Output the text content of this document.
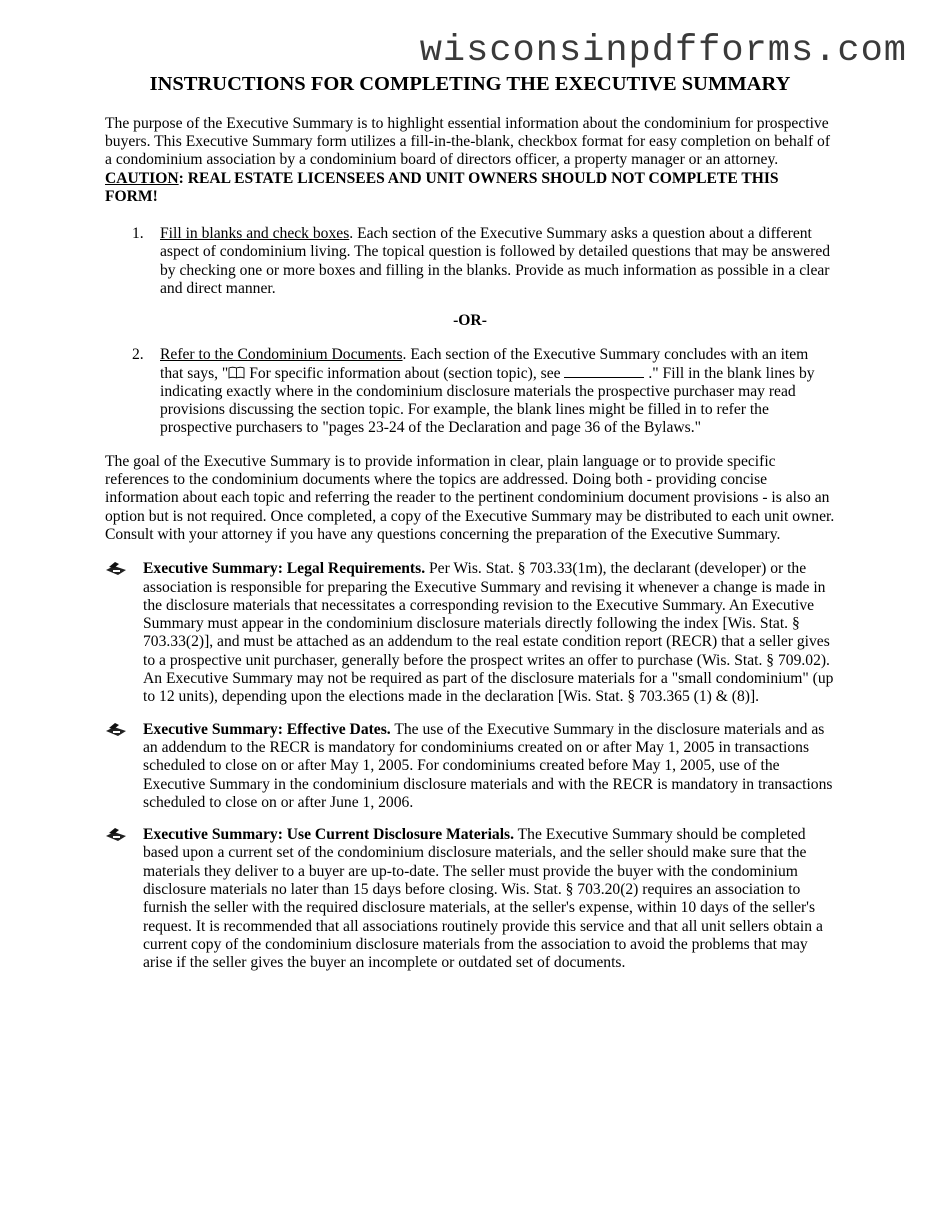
wisconsinpdfforms.com
INSTRUCTIONS FOR COMPLETING THE EXECUTIVE SUMMARY

The purpose of the Executive Summary is to highlight essential information about the condominium for prospective buyers. This Executive Summary form utilizes a fill-in-the-blank, checkbox format for easy completion on behalf of a condominium association by a condominium board of directors officer, a property manager or an attorney. CAUTION: REAL ESTATE LICENSEES AND UNIT OWNERS SHOULD NOT COMPLETE THIS FORM!

1. Fill in blanks and check boxes. Each section of the Executive Summary asks a question about a different aspect of condominium living. The topical question is followed by detailed questions that may be answered by checking one or more boxes and filling in the blanks. Provide as much information as possible in a clear and direct manner.
-OR-
2. Refer to the Condominium Documents. Each section of the Executive Summary concludes with an item that says, " For specific information about (section topic), see	." Fill in the blank lines by indicating exactly where in the condominium disclosure materials the prospective purchaser may read provisions discussing the section topic. For example, the blank lines might be filled in to refer the prospective purchasers to "pages 23-24 of the Declaration and page 36 of the Bylaws."

The goal of the Executive Summary is to provide information in clear, plain language or to provide specific references to the condominium documents where the topics are addressed. Doing both - providing concise information about each topic and referring the reader to the pertinent condominium document provisions - is also an option but is not required. Once completed, a copy of the Executive Summary may be distributed to each unit owner. Consult with your attorney if you have any questions concerning the preparation of the Executive Summary.

Executive Summary: Legal Requirements. Per Wis. Stat. § 703.33(1m), the declarant (developer) or the association is responsible for preparing the Executive Summary and revising it whenever a change is made in the disclosure materials that necessitates a corresponding revision to the Executive Summary. An Executive Summary must appear in the condominium disclosure materials directly following the index [Wis. Stat. § 703.33(2)], and must be attached as an addendum to the real estate condition report (RECR) that a seller gives to a prospective unit purchaser, generally before the prospect writes an offer to purchase (Wis. Stat. § 709.02). An Executive Summary may not be required as part of the disclosure materials for a "small condominium" (up to 12 units), depending upon the elections made in the declaration [Wis. Stat. § 703.365 (1) & (8)].
Executive Summary: Effective Dates. The use of the Executive Summary in the disclosure materials and as an addendum to the RECR is mandatory for condominiums created on or after May 1, 2005 in transactions scheduled to close on or after May 1, 2005. For condominiums created before May 1, 2005, use of the Executive Summary in the condominium disclosure materials and with the RECR is mandatory in transactions scheduled to close on or after June 1, 2006.
Executive Summary: Use Current Disclosure Materials. The Executive Summary should be completed based upon a current set of the condominium disclosure materials, and the seller should make sure that the materials they deliver to a buyer are up-to-date. The seller must provide the buyer with the condominium disclosure materials no later than 15 days before closing. Wis. Stat. § 703.20(2) requires an association to furnish the seller with the required disclosure materials, at the seller's expense, within 10 days of the seller's request. It is recommended that all associations routinely provide this service and that all unit sellers obtain a current copy of the condominium disclosure materials from the association to avoid the problems that may arise if the seller gives the buyer an incomplete or outdated set of documents.
